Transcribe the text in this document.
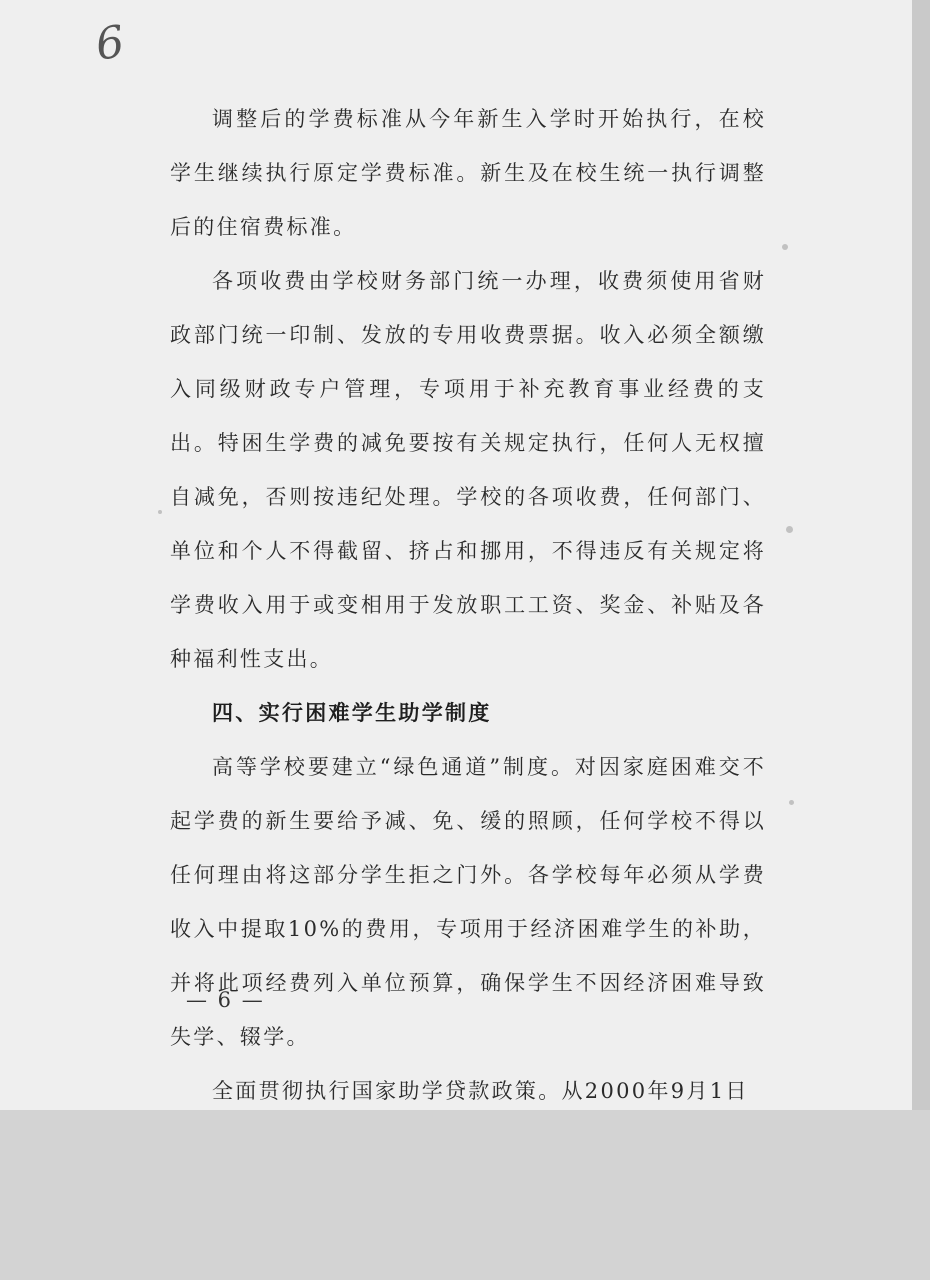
6

调整后的学费标准从今年新生入学时开始执行，在校学生继续执行原定学费标准。新生及在校生统一执行调整后的住宿费标准。

各项收费由学校财务部门统一办理，收费须使用省财政部门统一印制、发放的专用收费票据。收入必须全额缴入同级财政专户管理，专项用于补充教育事业经费的支出。特困生学费的减免要按有关规定执行，任何人无权擅自减免，否则按违纪处理。学校的各项收费，任何部门、单位和个人不得截留、挤占和挪用，不得违反有关规定将学费收入用于或变相用于发放职工工资、奖金、补贴及各种福利性支出。

四、实行困难学生助学制度

高等学校要建立“绿色通道”制度。对因家庭困难交不起学费的新生要给予减、免、缓的照顾，任何学校不得以任何理由将这部分学生拒之门外。各学校每年必须从学费收入中提取10%的费用，专项用于经济困难学生的补助，并将此项经费列入单位预算，确保学生不因经济困难导致失学、辍学。

全面贯彻执行国家助学贷款政策。从2000年9月1日

— 6 —
